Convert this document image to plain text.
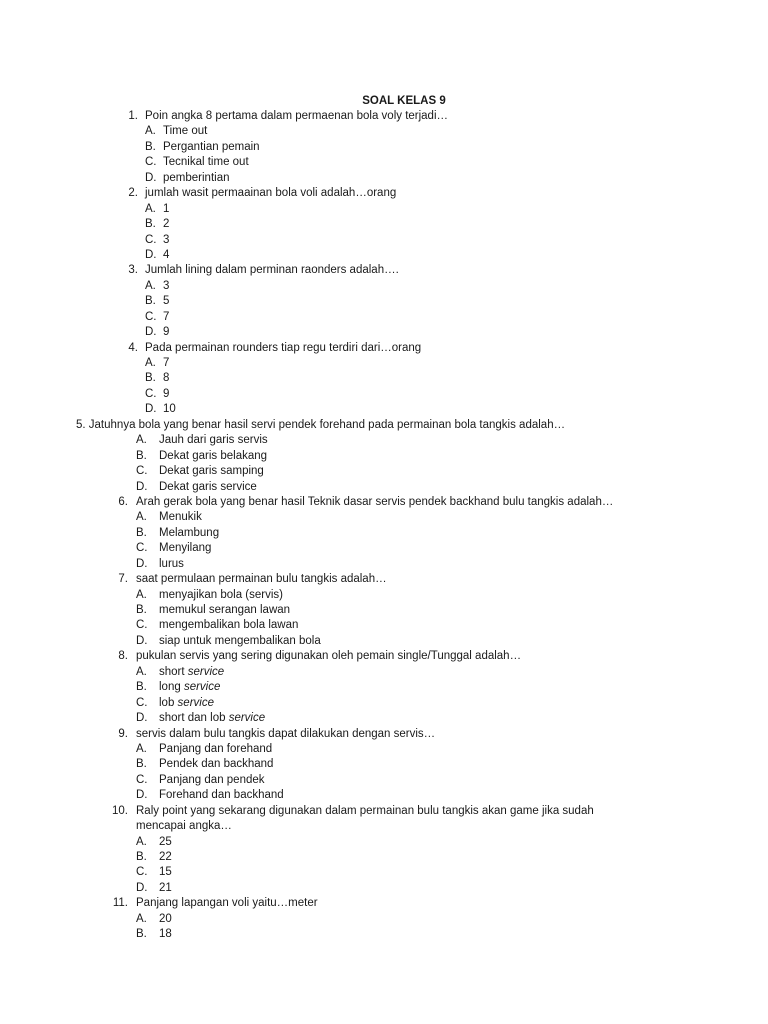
SOAL KELAS 9
1. Poin angka 8 pertama dalam permaenan bola voly terjadi…
A. Time out
B. Pergantian pemain
C. Tecnikal time out
D. pemberintian
2. jumlah wasit permaainan bola voli adalah…orang
A. 1
B. 2
C. 3
D. 4
3. Jumlah lining dalam perminan raonders adalah….
A. 3
B. 5
C. 7
D. 9
4. Pada permainan rounders tiap regu terdiri dari…orang
A. 7
B. 8
C. 9
D. 10
5. Jatuhnya bola yang benar hasil servi pendek forehand pada permainan bola tangkis adalah…
A. Jauh dari garis servis
B. Dekat garis belakang
C. Dekat garis samping
D. Dekat garis service
6. Arah gerak bola yang benar hasil Teknik dasar servis pendek backhand bulu tangkis adalah…
A. Menukik
B. Melambung
C. Menyilang
D. lurus
7. saat permulaan permainan bulu tangkis adalah…
A. menyajikan bola (servis)
B. memukul serangan lawan
C. mengembalikan bola lawan
D. siap untuk mengembalikan bola
8. pukulan servis yang sering digunakan oleh pemain single/Tunggal adalah…
A. short service
B. long service
C. lob service
D. short dan lob service
9. servis dalam bulu tangkis dapat dilakukan dengan servis…
A. Panjang dan forehand
B. Pendek dan backhand
C. Panjang dan pendek
D. Forehand dan backhand
10. Raly point yang sekarang digunakan dalam permainan bulu tangkis akan game jika sudah
mencapai angka…
A. 25
B. 22
C. 15
D. 21
11. Panjang lapangan voli yaitu…meter
A. 20
B. 18
